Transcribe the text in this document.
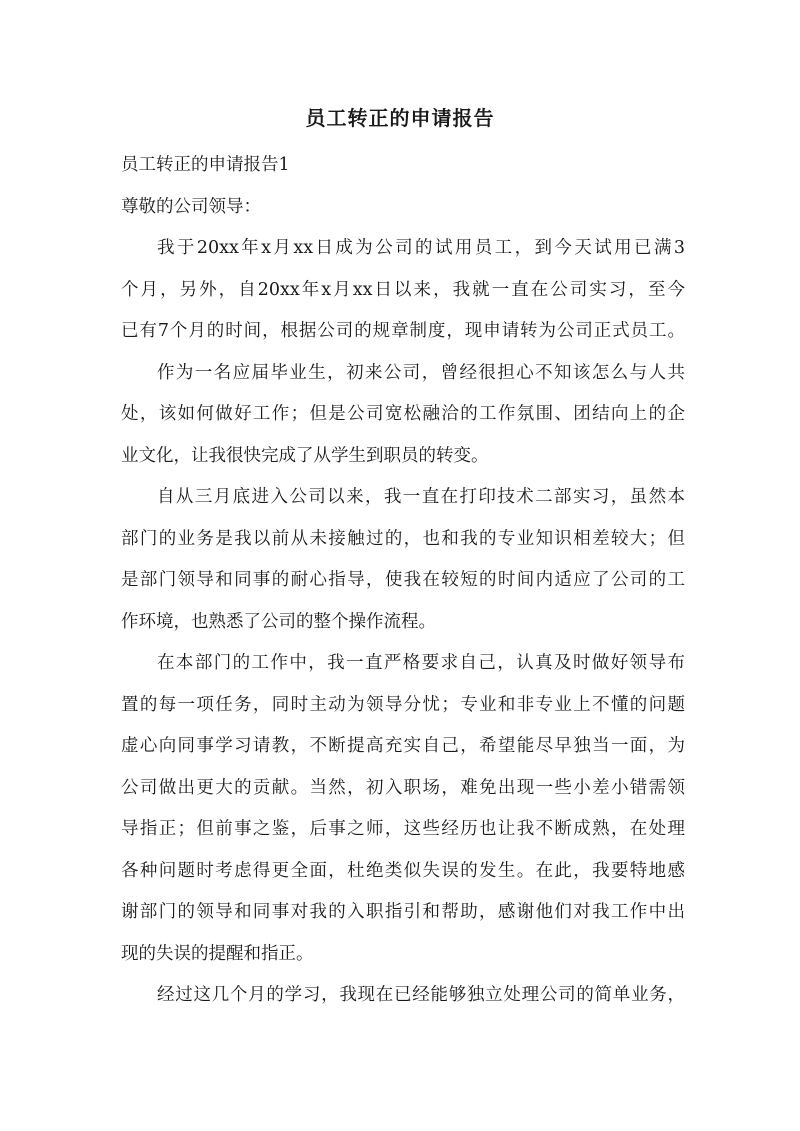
员工转正的申请报告
员工转正的申请报告1
尊敬的公司领导：
我于20xx年x月xx日成为公司的试用员工，到今天试用已满3
个月，另外，自20xx年x月xx日以来，我就一直在公司实习，至今
已有7个月的时间，根据公司的规章制度，现申请转为公司正式员工。
作为一名应届毕业生，初来公司，曾经很担心不知该怎么与人共
处，该如何做好工作；但是公司宽松融洽的工作氛围、团结向上的企
业文化，让我很快完成了从学生到职员的转变。
自从三月底进入公司以来，我一直在打印技术二部实习，虽然本
部门的业务是我以前从未接触过的，也和我的专业知识相差较大；但
是部门领导和同事的耐心指导，使我在较短的时间内适应了公司的工
作环境，也熟悉了公司的整个操作流程。
在本部门的工作中，我一直严格要求自己，认真及时做好领导布
置的每一项任务，同时主动为领导分忧；专业和非专业上不懂的问题
虚心向同事学习请教，不断提高充实自己，希望能尽早独当一面，为
公司做出更大的贡献。当然，初入职场，难免出现一些小差小错需领
导指正；但前事之鉴，后事之师，这些经历也让我不断成熟，在处理
各种问题时考虑得更全面，杜绝类似失误的发生。在此，我要特地感
谢部门的领导和同事对我的入职指引和帮助，感谢他们对我工作中出
现的失误的提醒和指正。
经过这几个月的学习，我现在已经能够独立处理公司的简单业务，
